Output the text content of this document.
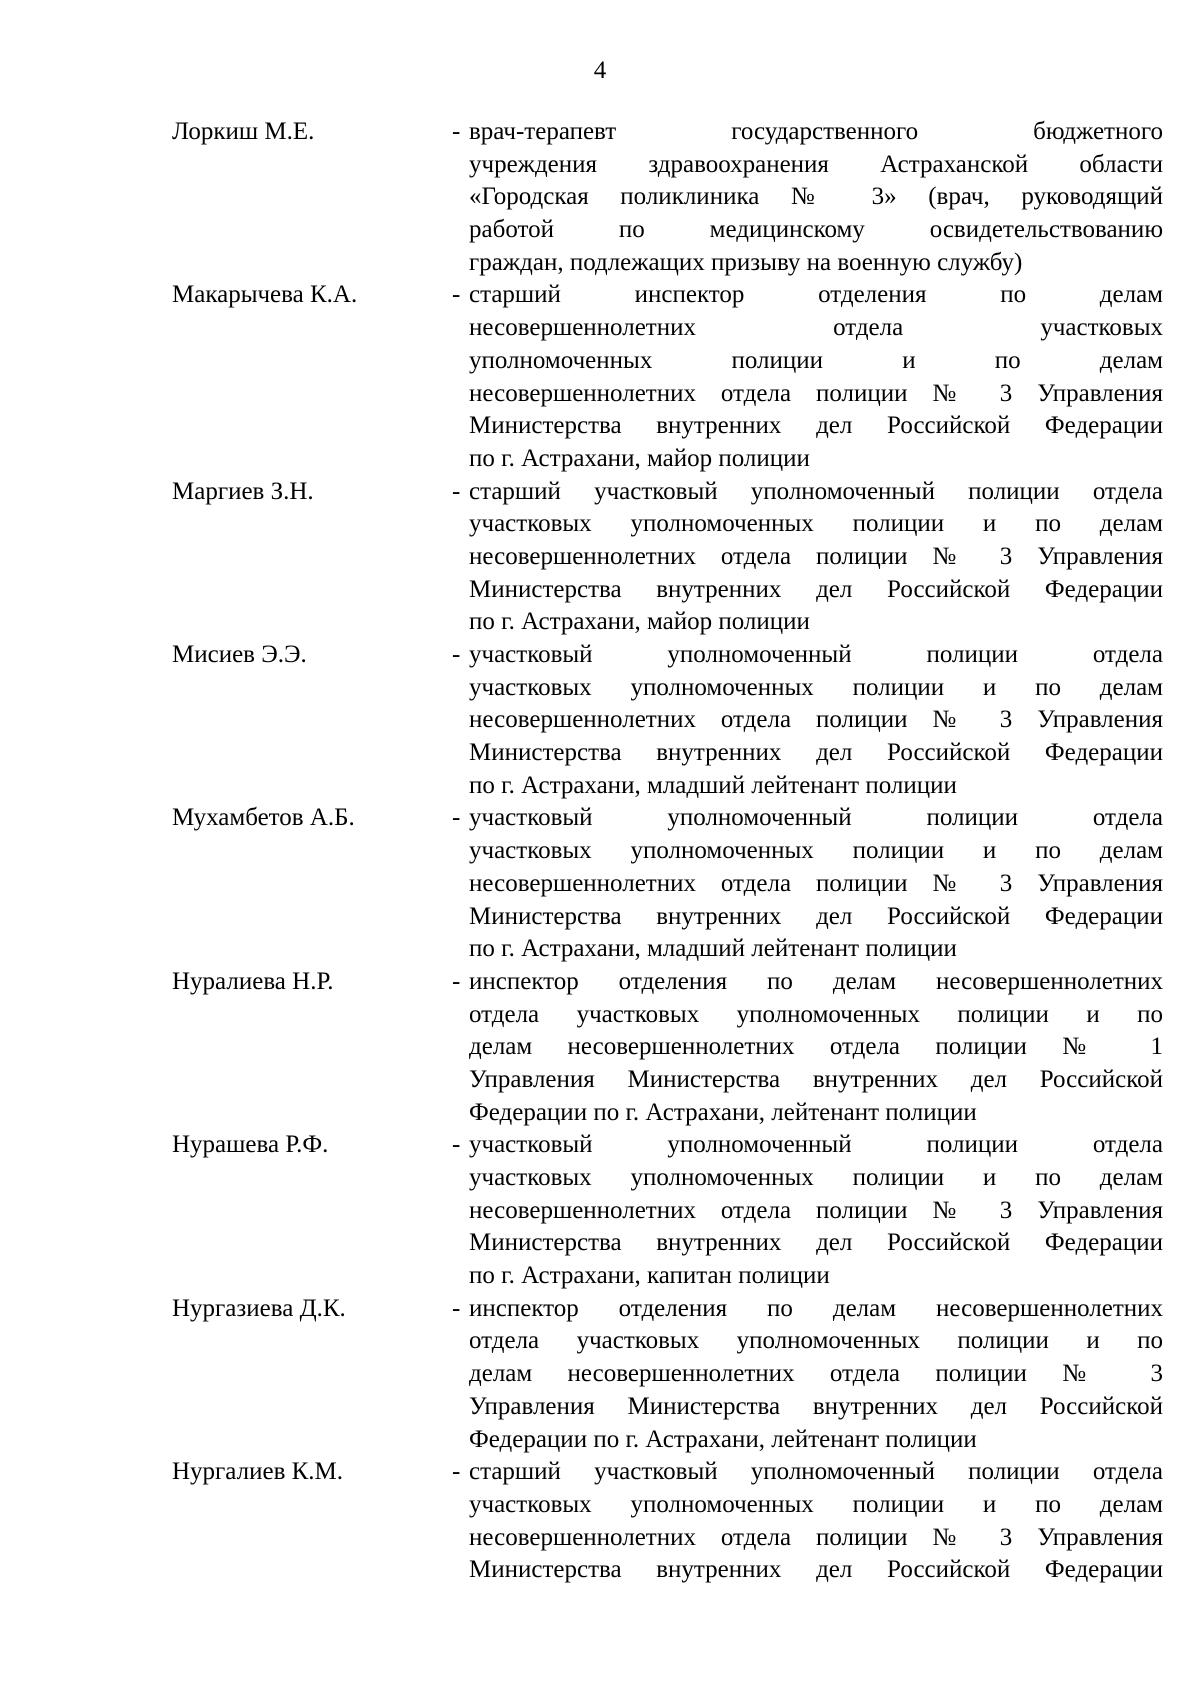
4
Лоркиш М.Е.	- врач-терапевт государственного бюджетного
учреждения здравоохранения Астраханской области
«Городская поликлиника № 3» (врач, руководящий
работой по медицинскому освидетельствованию
граждан, подлежащих призыву на военную службу)
Макарычева К.А.	- старший инспектор отделения по делам
несовершеннолетних отдела участковых
уполномоченных полиции и по делам
несовершеннолетних отдела полиции № 3 Управления
Министерства внутренних дел Российской Федерации
по г. Астрахани, майор полиции
Маргиев З.Н.	- старший участковый уполномоченный полиции отдела
участковых уполномоченных полиции и по делам
несовершеннолетних отдела полиции № 3 Управления
Министерства внутренних дел Российской Федерации
по г. Астрахани, майор полиции
Мисиев Э.Э.	- участковый уполномоченный полиции отдела
участковых уполномоченных полиции и по делам
несовершеннолетних отдела полиции № 3 Управления
Министерства внутренних дел Российской Федерации
по г. Астрахани, младший лейтенант полиции
Мухамбетов А.Б.	- участковый уполномоченный полиции отдела
участковых уполномоченных полиции и по делам
несовершеннолетних отдела полиции № 3 Управления
Министерства внутренних дел Российской Федерации
по г. Астрахани, младший лейтенант полиции
Нуралиева Н.Р.	- инспектор отделения по делам несовершеннолетних
отдела участковых уполномоченных полиции и по
делам несовершеннолетних отдела полиции № 1
Управления Министерства внутренних дел Российской
Федерации по г. Астрахани, лейтенант полиции
Нурашева Р.Ф.	- участковый уполномоченный полиции отдела
участковых уполномоченных полиции и по делам
несовершеннолетних отдела полиции № 3 Управления
Министерства внутренних дел Российской Федерации
по г. Астрахани, капитан полиции
Нургазиева Д.К.	- инспектор отделения по делам несовершеннолетних
отдела участковых уполномоченных полиции и по
делам несовершеннолетних отдела полиции № 3
Управления Министерства внутренних дел Российской
Федерации по г. Астрахани, лейтенант полиции
Нургалиев К.М.	- старший участковый уполномоченный полиции отдела
участковых уполномоченных полиции и по делам
несовершеннолетних отдела полиции № 3 Управления
Министерства внутренних дел Российской Федерации
